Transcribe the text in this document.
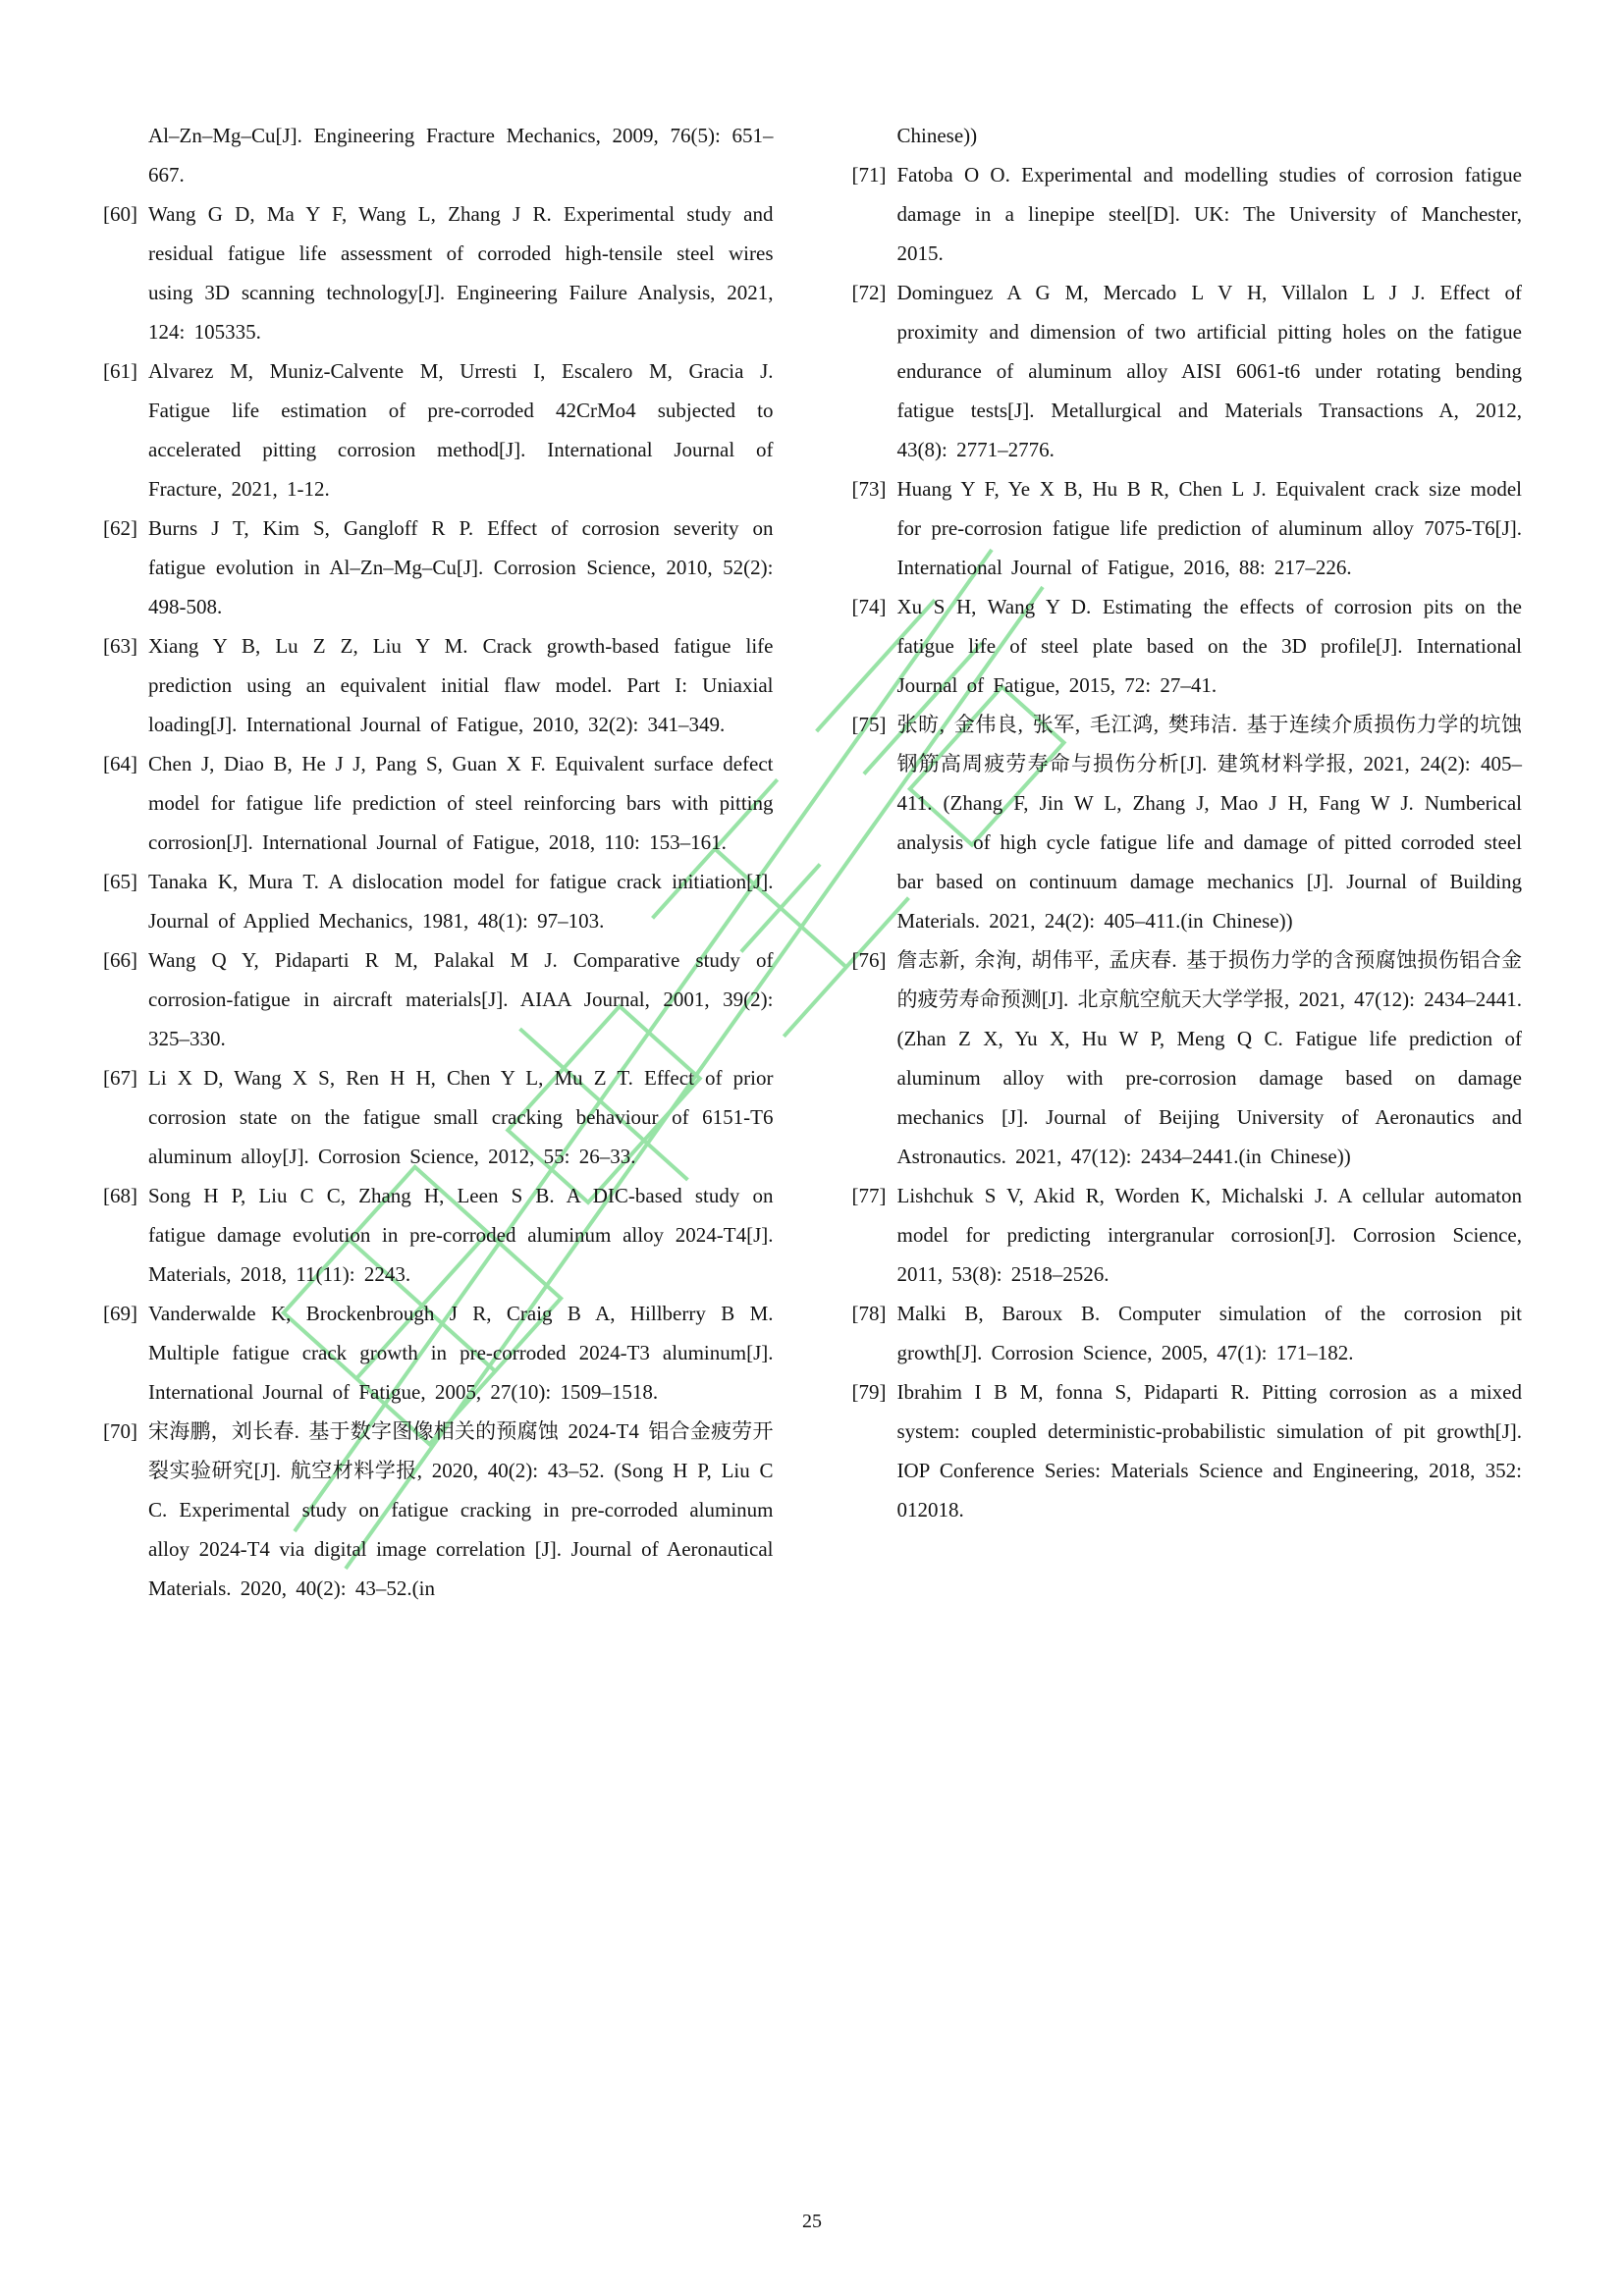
Al–Zn–Mg–Cu[J]. Engineering Fracture Mechanics, 2009, 76(5): 651–667.
[60] Wang G D, Ma Y F, Wang L, Zhang J R. Experimental study and residual fatigue life assessment of corroded high-tensile steel wires using 3D scanning technology[J]. Engineering Failure Analysis, 2021, 124: 105335.
[61] Alvarez M, Muniz-Calvente M, Urresti I, Escalero M, Gracia J. Fatigue life estimation of pre-corroded 42CrMo4 subjected to accelerated pitting corrosion method[J]. International Journal of Fracture, 2021, 1-12.
[62] Burns J T, Kim S, Gangloff R P. Effect of corrosion severity on fatigue evolution in Al–Zn–Mg–Cu[J]. Corrosion Science, 2010, 52(2): 498-508.
[63] Xiang Y B, Lu Z Z, Liu Y M. Crack growth-based fatigue life prediction using an equivalent initial flaw model. Part I: Uniaxial loading[J]. International Journal of Fatigue, 2010, 32(2): 341–349.
[64] Chen J, Diao B, He J J, Pang S, Guan X F. Equivalent surface defect model for fatigue life prediction of steel reinforcing bars with pitting corrosion[J]. International Journal of Fatigue, 2018, 110: 153–161.
[65] Tanaka K, Mura T. A dislocation model for fatigue crack initiation[J]. Journal of Applied Mechanics, 1981, 48(1): 97–103.
[66] Wang Q Y, Pidaparti R M, Palakal M J. Comparative study of corrosion-fatigue in aircraft materials[J]. AIAA Journal, 2001, 39(2): 325–330.
[67] Li X D, Wang X S, Ren H H, Chen Y L, Mu Z T. Effect of prior corrosion state on the fatigue small cracking behaviour of 6151-T6 aluminum alloy[J]. Corrosion Science, 2012, 55: 26–33.
[68] Song H P, Liu C C, Zhang H, Leen S B. A DIC-based study on fatigue damage evolution in pre-corroded aluminum alloy 2024-T4[J]. Materials, 2018, 11(11): 2243.
[69] Vanderwalde K, Brockenbrough J R, Craig B A, Hillberry B M. Multiple fatigue crack growth in pre-corroded 2024-T3 aluminum[J]. International Journal of Fatigue, 2005, 27(10): 1509–1518.
[70] 宋海鹏，刘长春. 基于数字图像相关的预腐蚀 2024-T4 铝合金疲劳开裂实验研究[J]. 航空材料学报, 2020, 40(2): 43–52. (Song H P, Liu C C. Experimental study on fatigue cracking in pre-corroded aluminum alloy 2024-T4 via digital image correlation [J]. Journal of Aeronautical Materials. 2020, 40(2): 43–52.(in
Chinese))
[71] Fatoba O O. Experimental and modelling studies of corrosion fatigue damage in a linepipe steel[D]. UK: The University of Manchester, 2015.
[72] Dominguez A G M, Mercado L V H, Villalon L J J. Effect of proximity and dimension of two artificial pitting holes on the fatigue endurance of aluminum alloy AISI 6061-t6 under rotating bending fatigue tests[J]. Metallurgical and Materials Transactions A, 2012, 43(8): 2771–2776.
[73] Huang Y F, Ye X B, Hu B R, Chen L J. Equivalent crack size model for pre-corrosion fatigue life prediction of aluminum alloy 7075-T6[J]. International Journal of Fatigue, 2016, 88: 217–226.
[74] Xu S H, Wang Y D. Estimating the effects of corrosion pits on the fatigue life of steel plate based on the 3D profile[J]. International Journal of Fatigue, 2015, 72: 27–41.
[75] 张昉, 金伟良, 张军, 毛江鸿, 樊玮洁. 基于连续介质损伤力学的坑蚀钢筋高周疲劳寿命与损伤分析[J]. 建筑材料学报, 2021, 24(2): 405–411. (Zhang F, Jin W L, Zhang J, Mao J H, Fang W J. Numberical analysis of high cycle fatigue life and damage of pitted corroded steel bar based on continuum damage mechanics [J]. Journal of Building Materials. 2021, 24(2): 405–411.(in Chinese))
[76] 詹志新, 余洵, 胡伟平, 孟庆春. 基于损伤力学的含预腐蚀损伤铝合金的疲劳寿命预测[J]. 北京航空航天大学学报, 2021, 47(12): 2434–2441.(Zhan Z X, Yu X, Hu W P, Meng Q C. Fatigue life prediction of aluminum alloy with pre-corrosion damage based on damage mechanics [J]. Journal of Beijing University of Aeronautics and Astronautics. 2021, 47(12): 2434–2441.(in Chinese))
[77] Lishchuk S V, Akid R, Worden K, Michalski J. A cellular automaton model for predicting intergranular corrosion[J]. Corrosion Science, 2011, 53(8): 2518–2526.
[78] Malki B, Baroux B. Computer simulation of the corrosion pit growth[J]. Corrosion Science, 2005, 47(1): 171–182.
[79] Ibrahim I B M, fonna S, Pidaparti R. Pitting corrosion as a mixed system: coupled deterministic-probabilistic simulation of pit growth[J]. IOP Conference Series: Materials Science and Engineering, 2018, 352: 012018.
25
